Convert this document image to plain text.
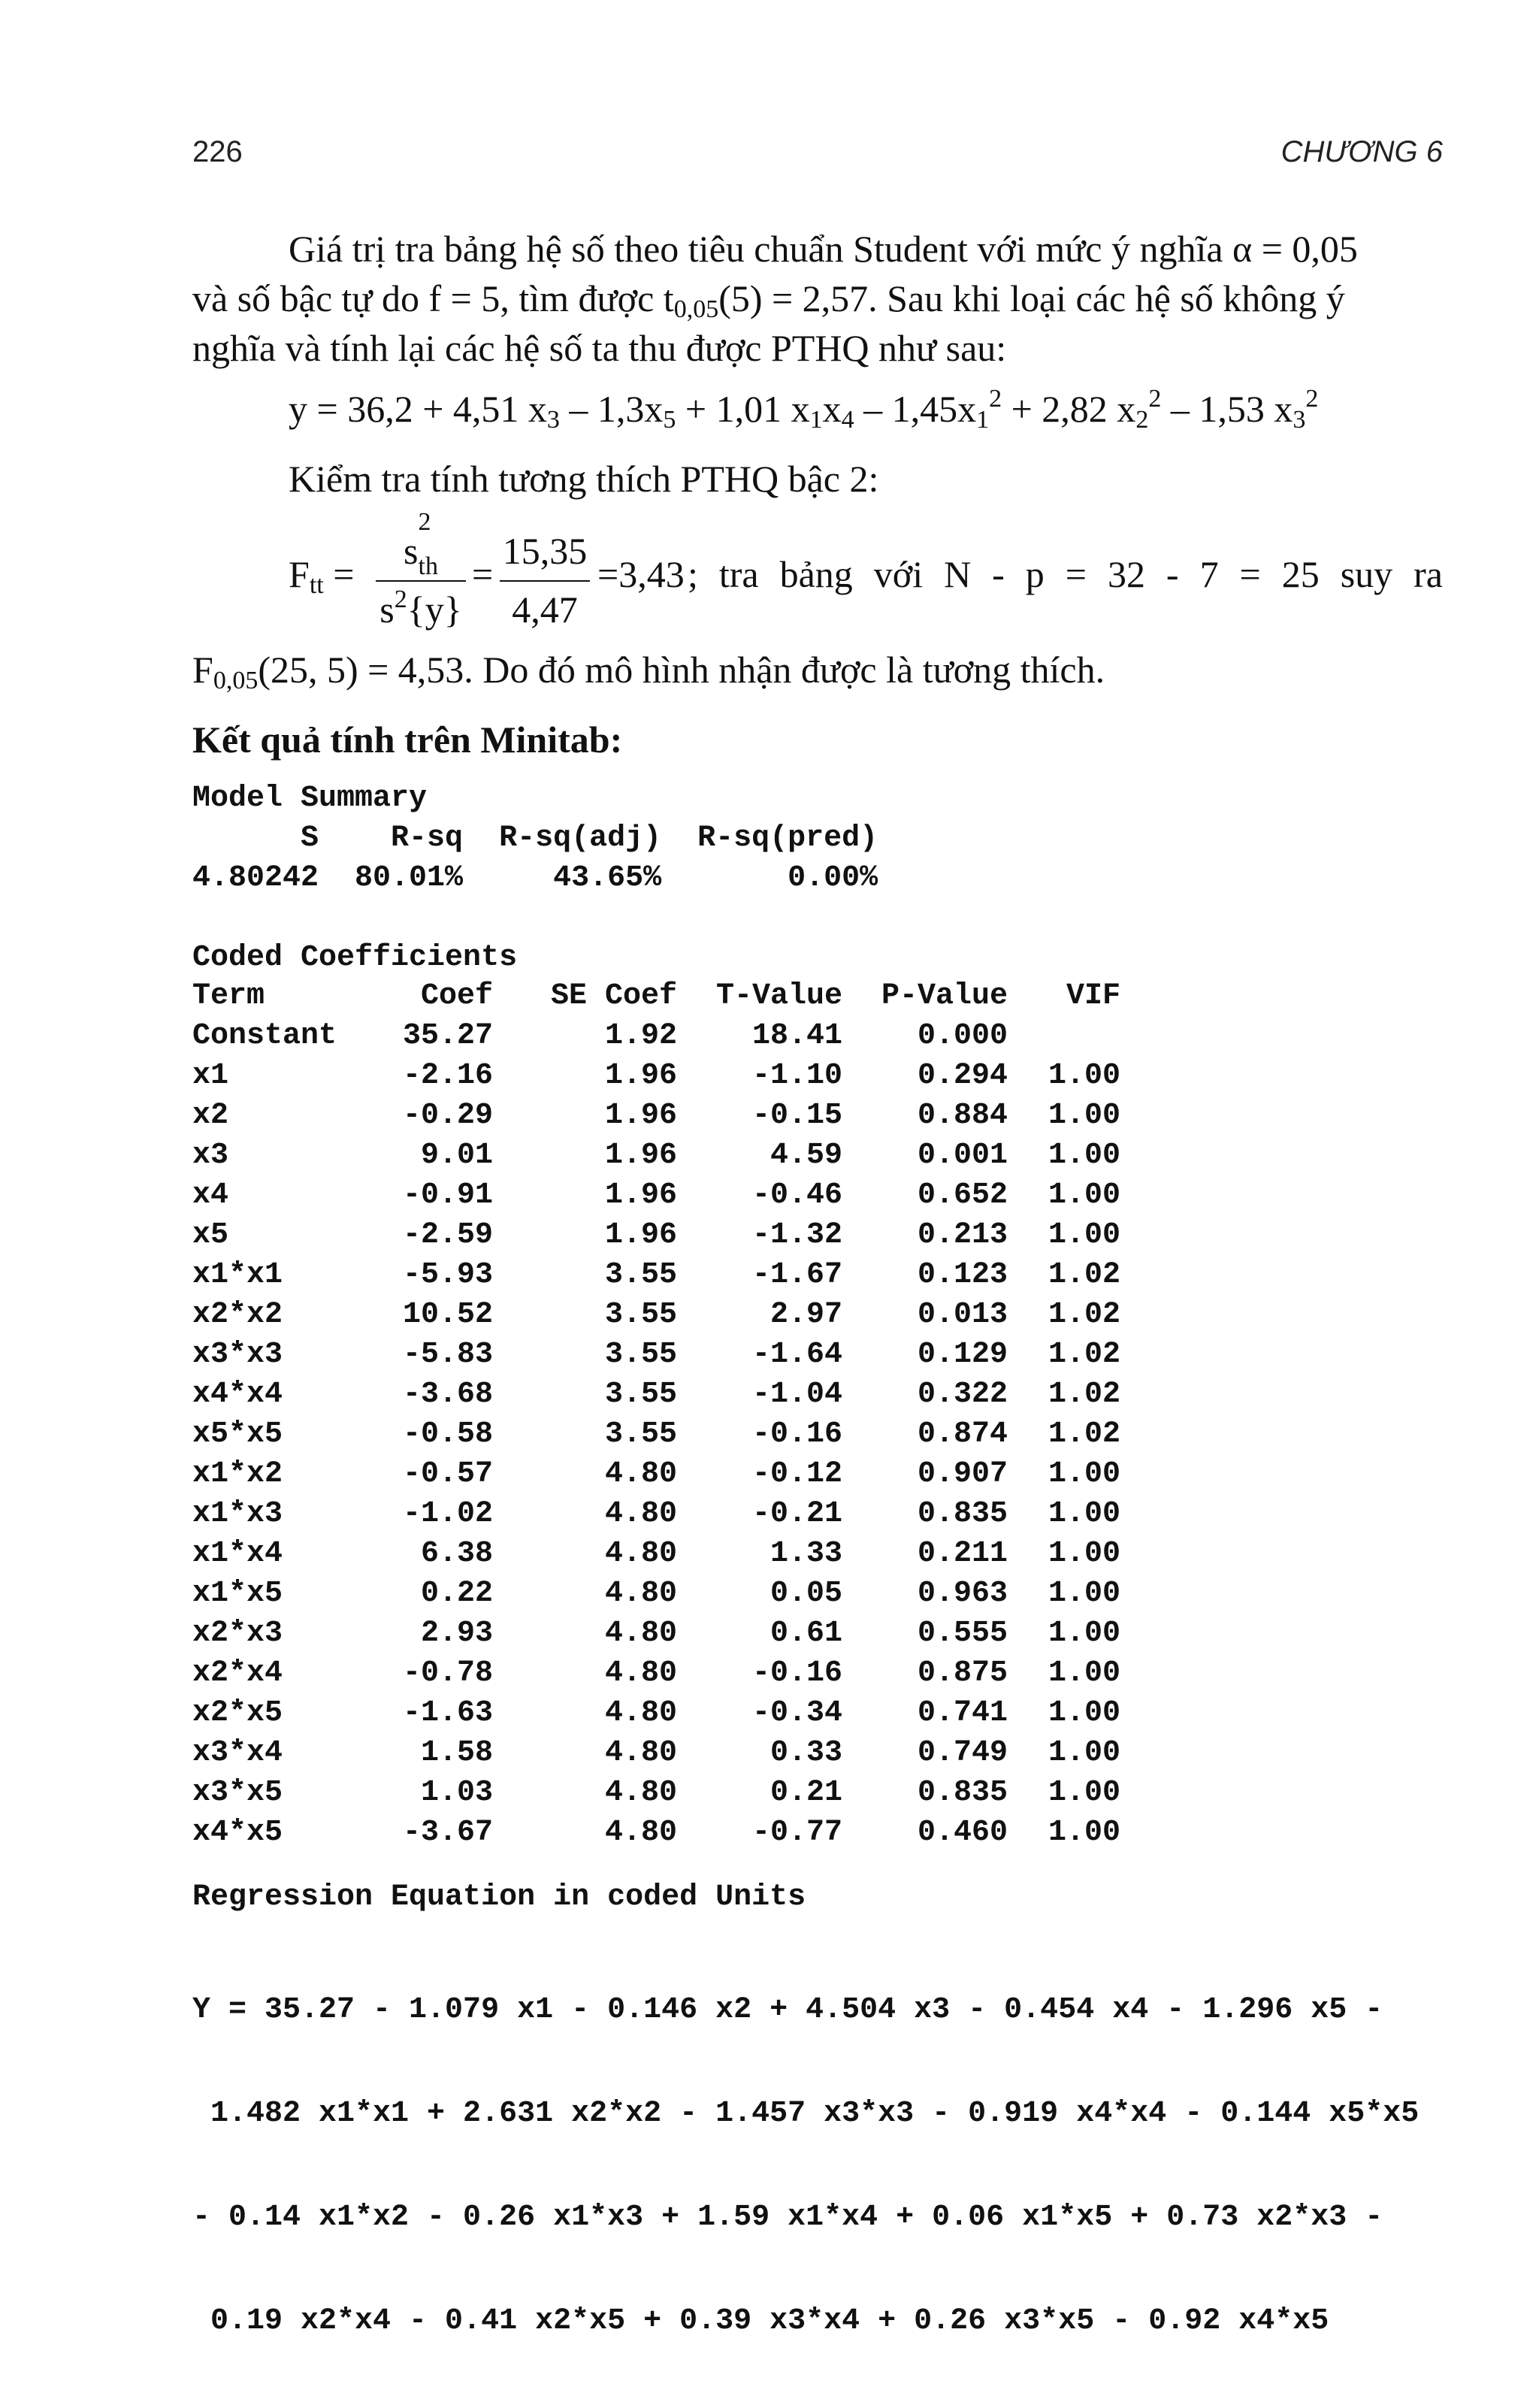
226	CHƯƠNG 6
Giá trị tra bảng hệ số theo tiêu chuẩn Student với mức ý nghĩa α = 0,05
và số bậc tự do f = 5, tìm được $t_{0,05}(5) = 2,57$. Sau khi loại các hệ số không ý
nghĩa và tính lại các hệ số ta thu được PTHQ như sau:
y = 36,2 + 4,51 $x_3 - 1,3x_5 + 1,01$ $x_1x_4 - 1,45x_1^2 + 2,82$ $x_2^2 - 1,53$ $x_3^2$
Kiểm tra tính tương thích PTHQ bậc 2:
$F_{tt}$ =
s
2
$_{th}$
$s^2\{y\}$
=
15,35
4,47
=3,43 ; tra bảng với N - p = 32 - 7 = 25 suy ra
$F_{0,05}(25$, 5) = 4,53. Do đó mô hình nhận được là tương thích.
Kết quả tính trên Minitab:
Model Summary
S    R-sq  R-sq(adj)  R-sq(pred)
4.80242  80.01%     43.65%       0.00%
Coded Coefficients
Term	Coef	SE Coef	T-Value	P-Value	VIF
Constant	35.27	1.92	18.41	0.000	
x1	-2.16	1.96	-1.10	0.294	1.00
x2	-0.29	1.96	-0.15	0.884	1.00
x3	9.01	1.96	4.59	0.001	1.00
x4	-0.91	1.96	-0.46	0.652	1.00
x5	-2.59	1.96	-1.32	0.213	1.00
x1*x1	-5.93	3.55	-1.67	0.123	1.02
x2*x2	10.52	3.55	2.97	0.013	1.02
x3*x3	-5.83	3.55	-1.64	0.129	1.02
x4*x4	-3.68	3.55	-1.04	0.322	1.02
x5*x5	-0.58	3.55	-0.16	0.874	1.02
x1*x2	-0.57	4.80	-0.12	0.907	1.00
x1*x3	-1.02	4.80	-0.21	0.835	1.00
x1*x4	6.38	4.80	1.33	0.211	1.00
x1*x5	0.22	4.80	0.05	0.963	1.00
x2*x3	2.93	4.80	0.61	0.555	1.00
x2*x4	-0.78	4.80	-0.16	0.875	1.00
x2*x5	-1.63	4.80	-0.34	0.741	1.00
x3*x4	1.58	4.80	0.33	0.749	1.00
x3*x5	1.03	4.80	0.21	0.835	1.00
x4*x5	-3.67	4.80	-0.77	0.460	1.00
Regression Equation in coded Units

Y = 35.27 - 1.079 x1 - 0.146 x2 + 4.504 x3 - 0.454 x4 - 1.296 x5 -

1.482 x1*x1 + 2.631 x2*x2 - 1.457 x3*x3 - 0.919 x4*x4 - 0.144 x5*x5

- 0.14 x1*x2 - 0.26 x1*x3 + 1.59 x1*x4 + 0.06 x1*x5 + 0.73 x2*x3 -

0.19 x2*x4 - 0.41 x2*x5 + 0.39 x3*x4 + 0.26 x3*x5 - 0.92 x4*x5
